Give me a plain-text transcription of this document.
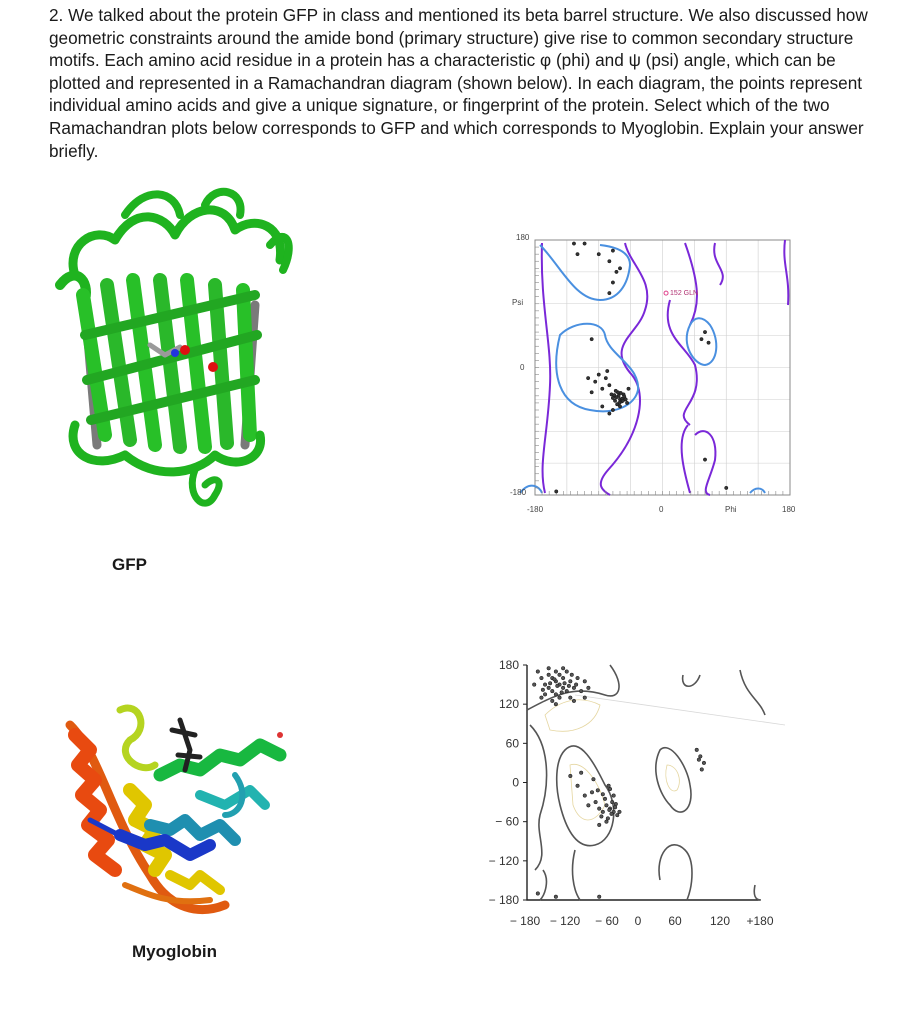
2. We talked about the protein GFP in class and mentioned its beta barrel structure. We also discussed how geometric constraints around the amide bond (primary structure) give rise to common secondary structure motifs. Each amino acid residue in a protein has a characteristic φ (phi) and ψ (psi) angle, which can be plotted and represented in a Ramachandran diagram (shown below). In each diagram, the points represent individual amino acids and give a unique signature, or fingerprint of the protein. Select which of the two Ramachandran plots below corresponds to GFP and which corresponds to Myoglobin. Explain your answer briefly.

GFP
Myoglobin
180
0
-180
Psi
-180	0	180
Phi
152 GLN
180
120
60
0
− 60
− 120
− 180
− 180 − 120 − 60 0 60 120 +180
